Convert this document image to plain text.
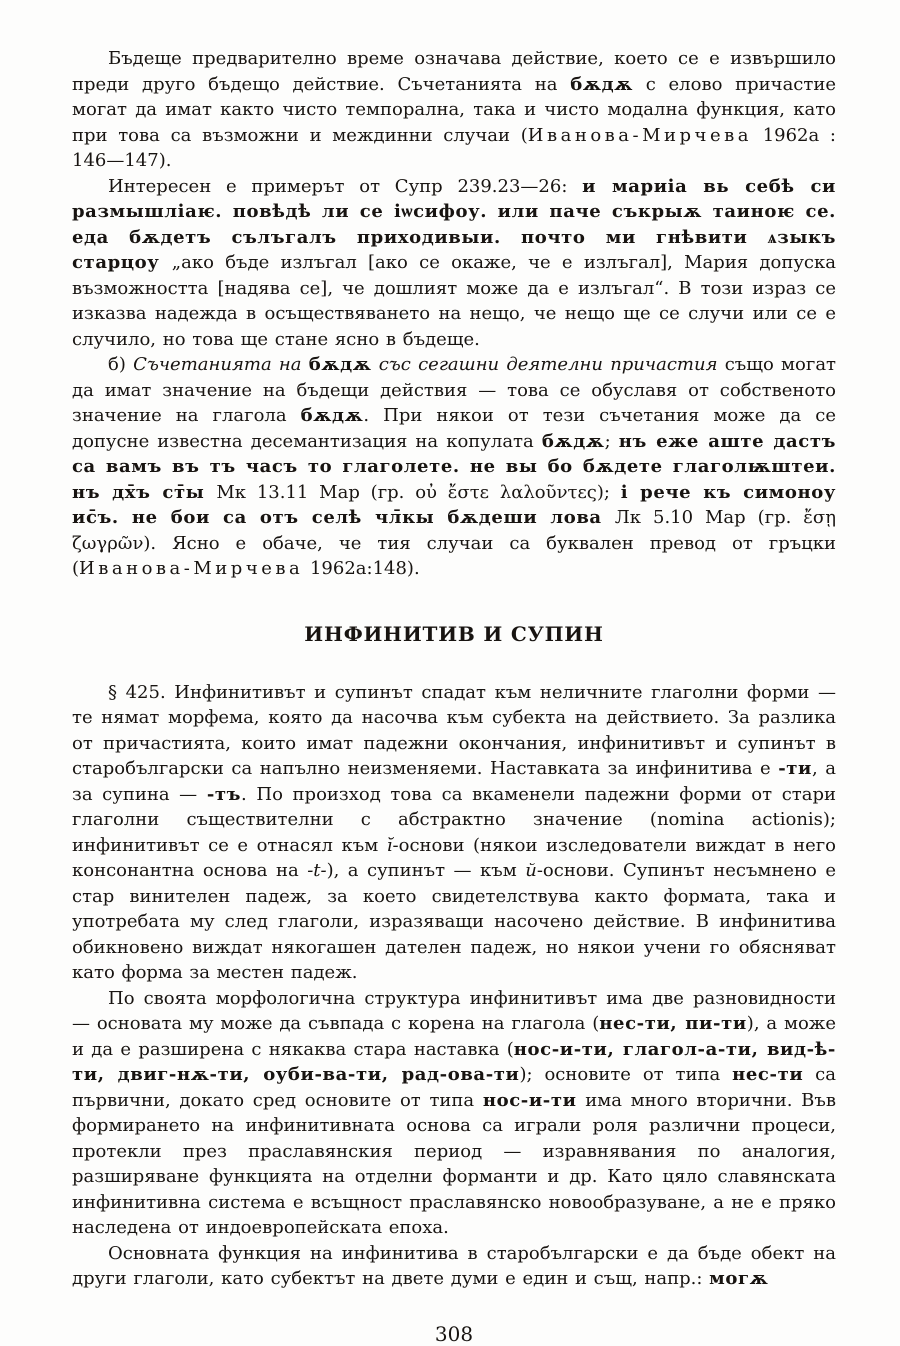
Бъдеще предварително време означава действие, което се е извършило преди друго бъдещо действие. Съчетанията на бѫдѫ с елово причастие могат да имат както чисто темпорална, така и чисто модална функция, като при това са възможни и междинни случаи (Иванова-Мирчева 1962а : 146—147).

Интересен е примерът от Супр 239.23—26: и мариіа вь себѣ си размышліаѥ. повѣдѣ ли се іѡсифоу. или паче съкрыѫ таиноѥ се. еда бѫдетъ сълъгалъ приходивыи. почто ми гнѣвити ѧзыкъ старцоу „ако бъде излъгал [ако се окаже, че е излъгал], Мария допуска възможността [надява се], че дошлият може да е излъгал“. В този израз се изказва надежда в осъществяването на нещо, че нещо ще се случи или се е случило, но това ще стане ясно в бъдеще.

б) Съчетанията на бѫдѫ със сегашни деятелни причастия също могат да имат значение на бъдещи действия — това се обуславя от собственото значение на глагола бѫдѫ. При някои от тези съчетания може да се допусне известна десемантизация на копулата бѫдѫ; нъ еже аште дастъ са вамъ въ тъ часъ то глаголете. не вы бо бѫдете глаголѭштеи. нъ дх̄ъ ст̄ы Мк 13.11 Мар (гр. οὐ ἔστε λαλοῦντες); і рече къ симоноу ис̄ъ. не бои са отъ селѣ чл̄кы бѫдеши лова Лк 5.10 Мар (гр. ἔσῃ ζωγρῶν). Ясно е обаче, че тия случаи са буквален превод от гръцки (Иванова-Мирчева 1962а:148).

ИНФИНИТИВ И СУПИН

§ 425. Инфинитивът и супинът спадат към неличните глаголни форми — те нямат морфема, която да насочва към субекта на действието. За разлика от причастията, които имат падежни окончания, инфинитивът и супинът в старобългарски са напълно неизменяеми. Наставката за инфинитива е -ти, а за супина — -тъ. По произход това са вкаменели падежни форми от стари глаголни съществителни с абстрактно значение (nomina actionis); инфинитивът се е отнасял към ĭ-основи (някои изследователи виждат в него консонантна основа на -t-), а супинът — към й-основи. Супинът несъмнено е стар винителен падеж, за което свидетелствува както формата, така и употребата му след глаголи, изразяващи насочено действие. В инфинитива обикновено виждат някогашен дателен падеж, но някои учени го обясняват като форма за местен падеж.

По своята морфологична структура инфинитивът има две разновидности — основата му може да съвпада с корена на глагола (нес-ти, пи-ти), а може и да е разширена с някаква стара наставка (нос-и-ти, глагол-а-ти, вид-ѣ-ти, двиг-нѫ-ти, оуби-ва-ти, рад-ова-ти); основите от типа нес-ти са първични, докато сред основите от типа нос-и-ти има много вторични. Във формирането на инфинитивната основа са играли роля различни процеси, протекли през праславянския период — изравнявания по аналогия, разширяване функцията на отделни форманти и др. Като цяло славянската инфинитивна система е всъщност праславянско новообразуване, а не е пряко наследена от индоевропейската епоха.

Основната функция на инфинитива в старобългарски е да бъде обект на други глаголи, като субектът на двете думи е един и същ, напр.: могѫ

308
